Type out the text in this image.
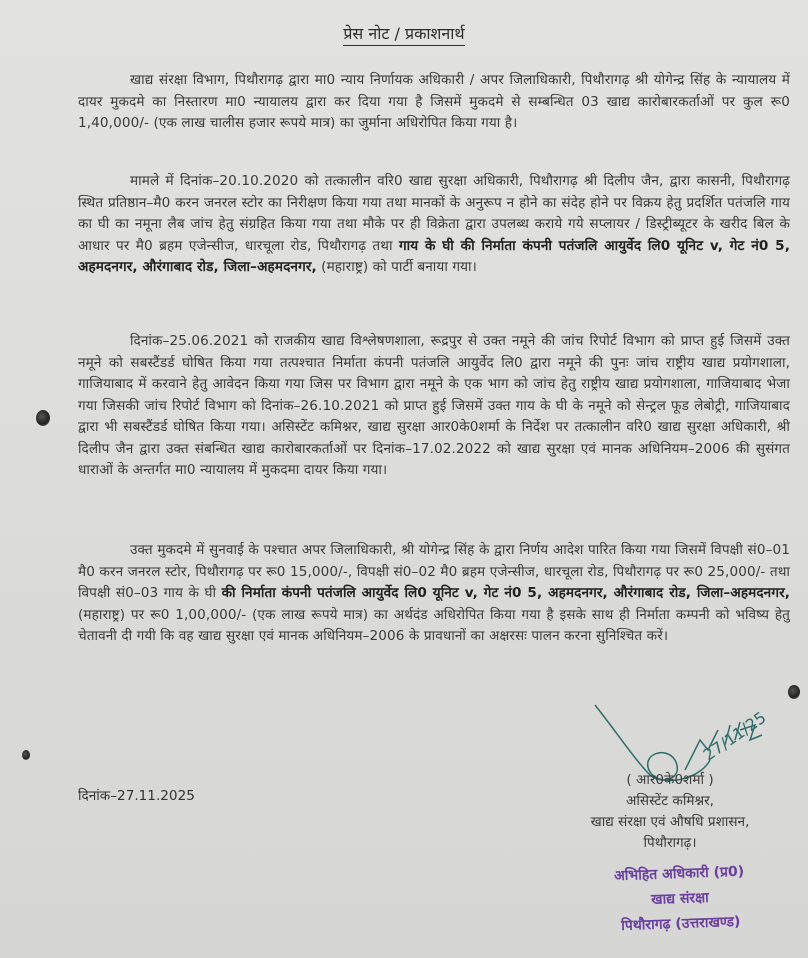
प्रेस नोट / प्रकाशनार्थ
खाद्य संरक्षा विभाग, पिथौरागढ़ द्वारा मा0 न्याय निर्णायक अधिकारी / अपर जिलाधिकारी, पिथौरागढ़ श्री योगेन्द्र सिंह के न्यायालय में दायर मुकदमे का निस्तारण मा0 न्यायालय द्वारा कर दिया गया है जिसमें मुकदमे से सम्बन्धित 03 खाद्य कारोबारकर्ताओं पर कुल रू0 1,40,000/- (एक लाख चालीस हजार रूपये मात्र) का जुर्माना अधिरोपित किया गया है।
मामले में दिनांक–20.10.2020 को तत्कालीन वरि0 खाद्य सुरक्षा अधिकारी, पिथौरागढ़ श्री दिलीप जैन, द्वारा कासनी, पिथौरागढ़ स्थित प्रतिष्ठान–मै0 करन जनरल स्टोर का निरीक्षण किया गया तथा मानकों के अनुरूप न होने का संदेह होने पर विक्रय हेतु प्रदर्शित पतंजलि गाय का घी का नमूना लैब जांच हेतु संग्रहित किया गया तथा मौके पर ही विक्रेता द्वारा उपलब्ध कराये गये सप्लायर / डिस्ट्रीब्यूटर के खरीद बिल के आधार पर मै0 ब्रहम एजेन्सीज, धारचूला रोड, पिथौरागढ़ तथा गाय के घी की निर्माता कंपनी पतंजलि आयुर्वेद लि0 यूनिट v, गेट नं0 5, अहमदनगर, औरंगाबाद रोड, जिला–अहमदनगर, (महाराष्ट्र) को पार्टी बनाया गया।
दिनांक–25.06.2021 को राजकीय खाद्य विश्लेषणशाला, रूद्रपुर से उक्त नमूने की जांच रिपोर्ट विभाग को प्राप्त हुई जिसमें उक्त नमूने को सबस्टैंडर्ड घोषित किया गया तत्पश्चात निर्माता कंपनी पतंजलि आयुर्वेद लि0 द्वारा नमूने की पुनः जांच राष्ट्रीय खाद्य प्रयोगशाला, गाजियाबाद में करवाने हेतु आवेदन किया गया जिस पर विभाग द्वारा नमूने के एक भाग को जांच हेतु राष्ट्रीय खाद्य प्रयोगशाला, गाजियाबाद भेजा गया जिसकी जांच रिपोर्ट विभाग को दिनांक–26.10.2021 को प्राप्त हुई जिसमें उक्त गाय के घी के नमूने को सेन्ट्रल फूड लेबोट्री, गाजियाबाद द्वारा भी सबस्टैंडर्ड घोषित किया गया। असिस्टेंट कमिश्नर, खाद्य सुरक्षा आर0के0शर्मा के निर्देश पर तत्कालीन वरि0 खाद्य सुरक्षा अधिकारी, श्री दिलीप जैन द्वारा उक्त संबन्धित खाद्य कारोबारकर्ताओं पर दिनांक–17.02.2022 को खाद्य सुरक्षा एवं मानक अधिनियम–2006 की सुसंगत धाराओं के अन्तर्गत मा0 न्यायालय में मुकदमा दायर किया गया।
उक्त मुकदमे में सुनवाई के पश्चात अपर जिलाधिकारी, श्री योगेन्द्र सिंह के द्वारा निर्णय आदेश पारित किया गया जिसमें विपक्षी सं0–01 मै0 करन जनरल स्टोर, पिथौरागढ़ पर रू0 15,000/-, विपक्षी सं0–02 मै0 ब्रहम एजेन्सीज, धारचूला रोड, पिथौरागढ़ पर रू0 25,000/- तथा विपक्षी सं0–03 गाय के घी की निर्माता कंपनी पतंजलि आयुर्वेद लि0 यूनिट v, गेट नं0 5, अहमदनगर, औरंगाबाद रोड, जिला–अहमदनगर, (महाराष्ट्र) पर रू0 1,00,000/- (एक लाख रूपये मात्र) का अर्थदंड अधिरोपित किया गया है इसके साथ ही निर्माता कम्पनी को भविष्य हेतु चेतावनी दी गयी कि वह खाद्य सुरक्षा एवं मानक अधिनियम–2006 के प्रावधानों का अक्षरसः पालन करना सुनिश्चित करें।
दिनांक–27.11.2025
27/11/25
( आर0के0शर्मा )
असिस्टेंट कमिश्नर,
खाद्य संरक्षा एवं औषधि प्रशासन,
पिथौरागढ़।
अभिहित अधिकारी (प्र0)
खाद्य संरक्षा
पिथौरागढ़ (उत्तराखण्ड)
